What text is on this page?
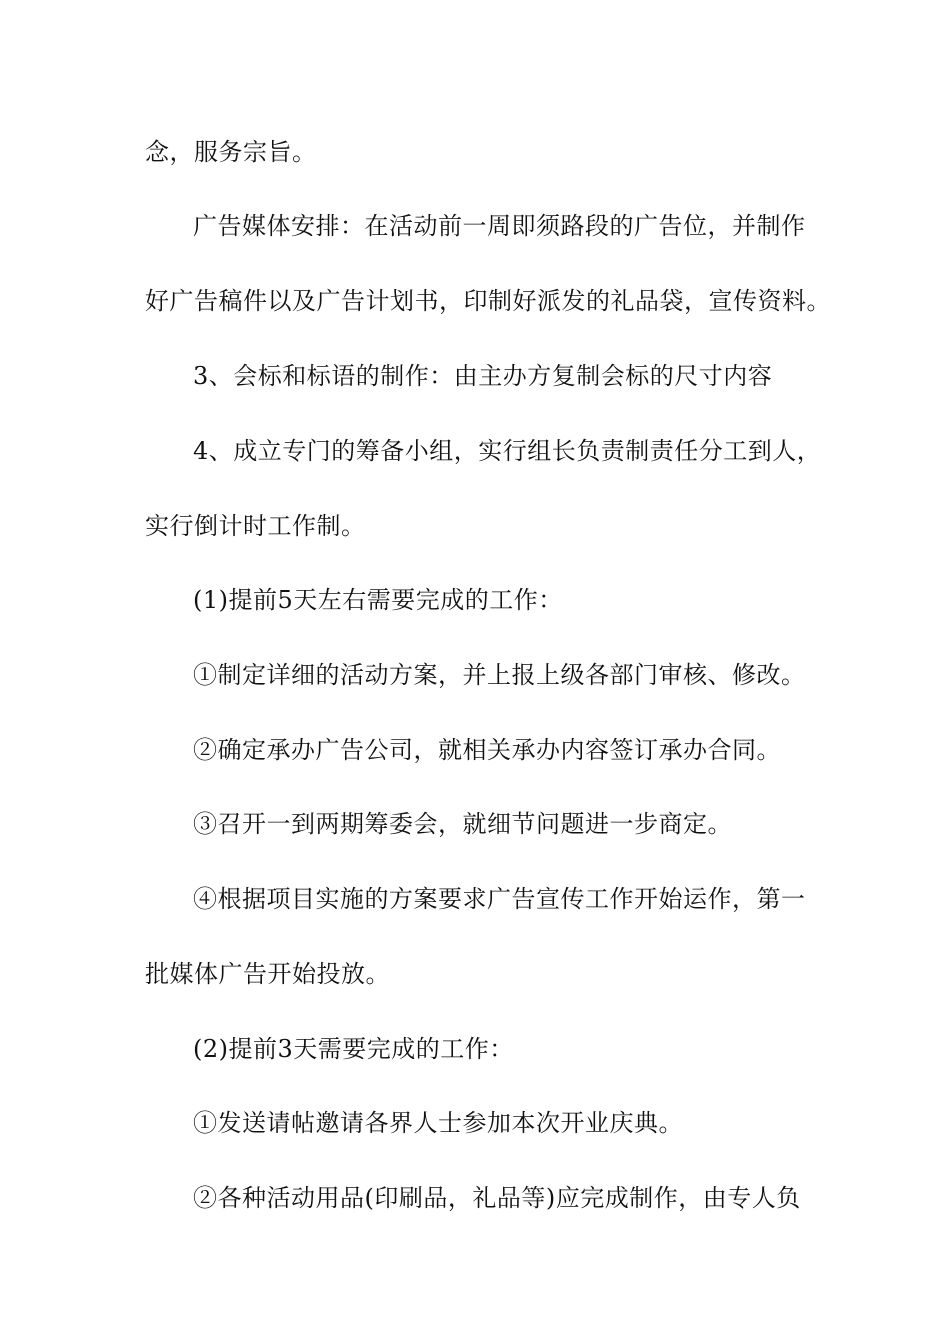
念，服务宗旨。
广告媒体安排：在活动前一周即须路段的广告位，并制作
好广告稿件以及广告计划书，印制好派发的礼品袋，宣传资料。
3、会标和标语的制作：由主办方复制会标的尺寸内容
4、成立专门的筹备小组，实行组长负责制责任分工到人，
实行倒计时工作制。
(1)提前5天左右需要完成的工作：
①制定详细的活动方案，并上报上级各部门审核、修改。
②确定承办广告公司，就相关承办内容签订承办合同。
③召开一到两期筹委会，就细节问题进一步商定。
④根据项目实施的方案要求广告宣传工作开始运作，第一
批媒体广告开始投放。
(2)提前3天需要完成的工作：
①发送请帖邀请各界人士参加本次开业庆典。
②各种活动用品(印刷品，礼品等)应完成制作，由专人负
